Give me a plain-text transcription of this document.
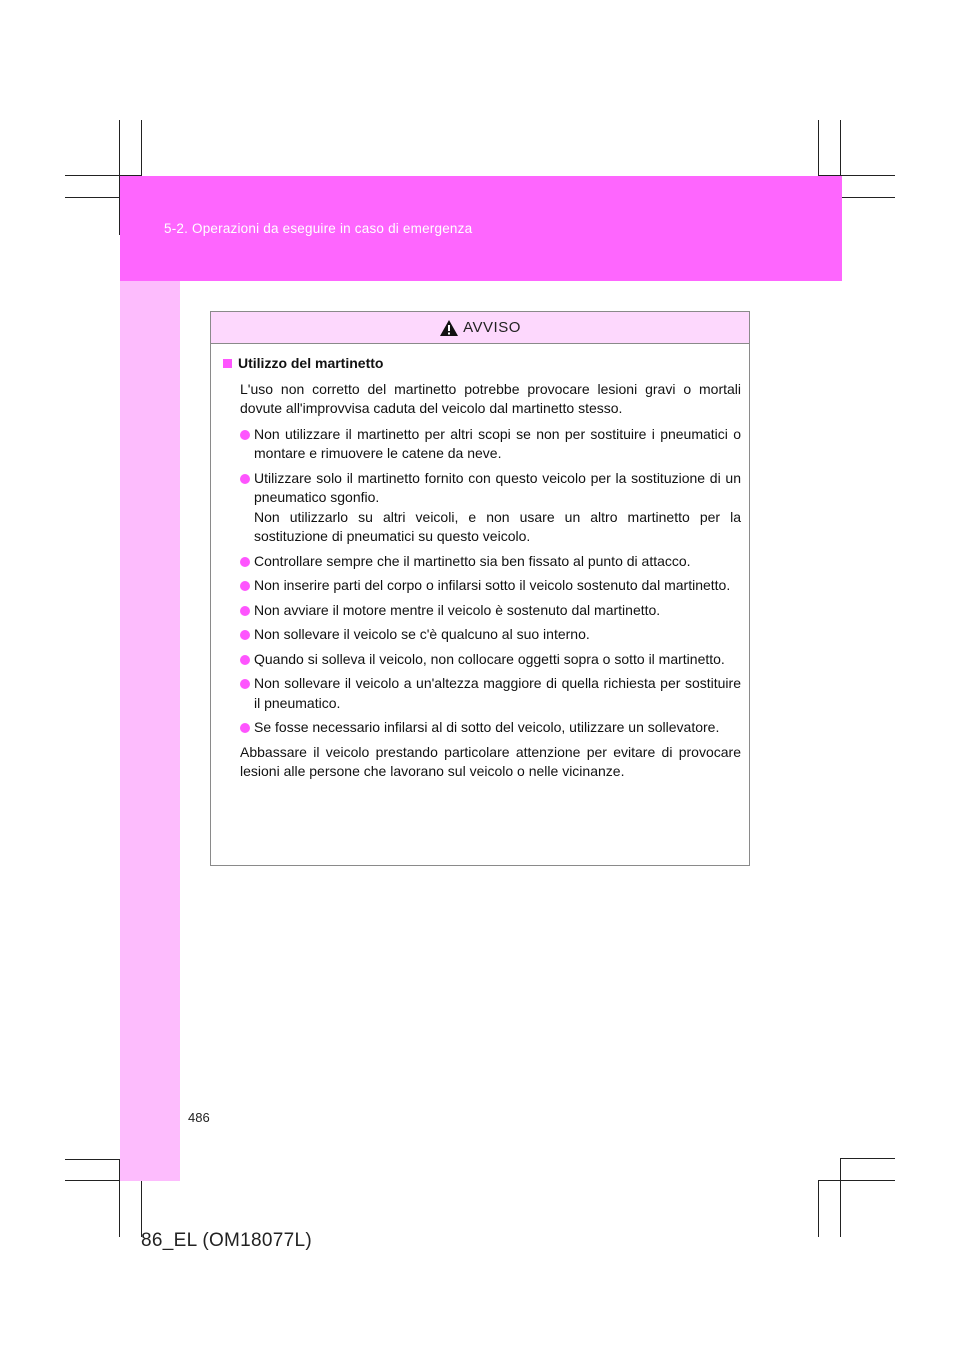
5-2. Operazioni da eseguire in caso di emergenza
AVVISO
Utilizzo del martinetto
L'uso non corretto del martinetto potrebbe provocare lesioni gravi o mortali dovute all'improvvisa caduta del veicolo dal martinetto stesso.
Non utilizzare il martinetto per altri scopi se non per sostituire i pneumatici o montare e rimuovere le catene da neve.
Utilizzare solo il martinetto fornito con questo veicolo per la sostituzione di un pneumatico sgonfio.
Non utilizzarlo su altri veicoli, e non usare un altro martinetto per la sostituzione di pneumatici su questo veicolo.
Controllare sempre che il martinetto sia ben fissato al punto di attacco.
Non inserire parti del corpo o infilarsi sotto il veicolo sostenuto dal martinetto.
Non avviare il motore mentre il veicolo è sostenuto dal martinetto.
Non sollevare il veicolo se c'è qualcuno al suo interno.
Quando si solleva il veicolo, non collocare oggetti sopra o sotto il martinetto.
Non sollevare il veicolo a un'altezza maggiore di quella richiesta per sostituire il pneumatico.
Se fosse necessario infilarsi al di sotto del veicolo, utilizzare un sollevatore.
Abbassare il veicolo prestando particolare attenzione per evitare di provocare lesioni alle persone che lavorano sul veicolo o nelle vicinanze.
486
86_EL (OM18077L)
